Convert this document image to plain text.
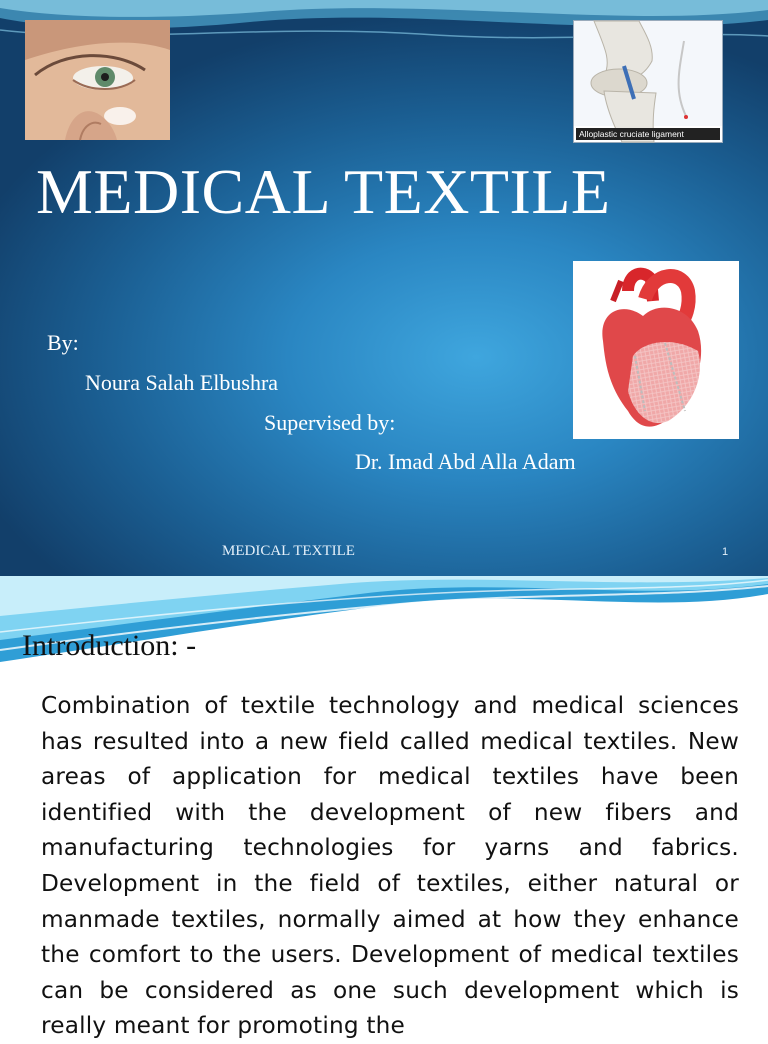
Alloplastic cruciate ligament
MEDICAL TEXTILE
By:
Noura Salah Elbushra
Supervised by:
Dr. Imad Abd Alla Adam
MEDICAL TEXTILE	1
Introduction: -
Combination of textile technology and medical sciences has resulted into a new field called medical textiles. New areas of application for medical textiles have been identified with the development of new fibers and manufacturing technologies for yarns and fabrics. Development in the field of textiles, either natural or manmade textiles, normally aimed at how they enhance the comfort to the users. Development of medical textiles can be considered as one such development which is really meant for promoting the
